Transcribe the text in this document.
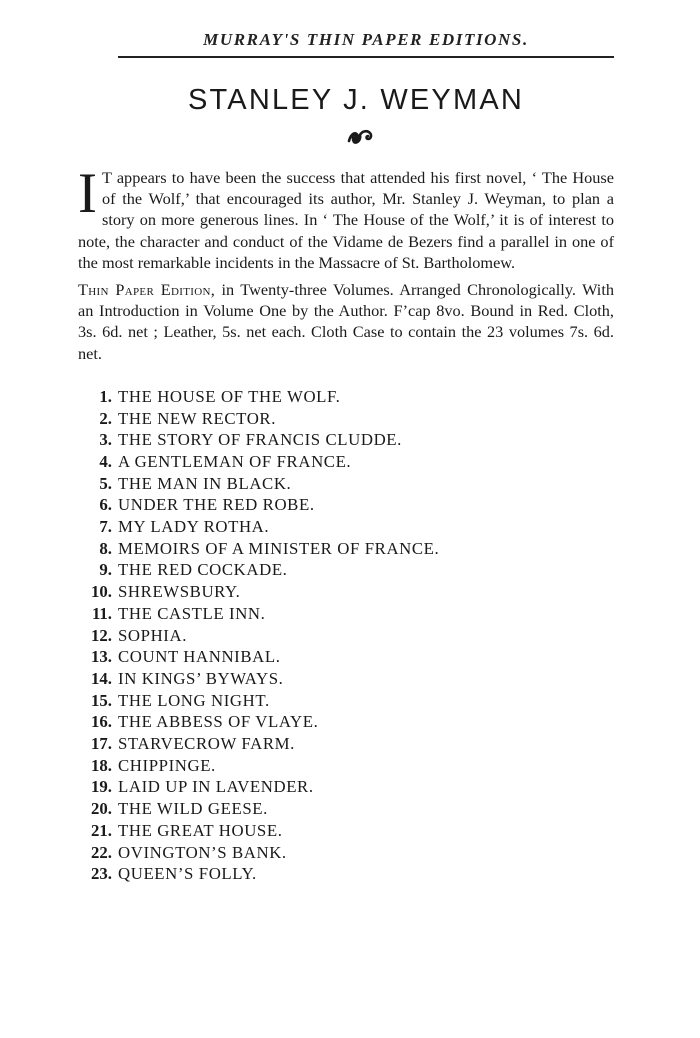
MURRAY'S THIN PAPER EDITIONS.
STANLEY J. WEYMAN
I T appears to have been the success that attended his first novel, ‘ The House of the Wolf,’ that encouraged its author, Mr. Stanley J. Weyman, to plan a story on more generous lines. In ‘ The House of the Wolf,’ it is of interest to note, the character and conduct of the Vidame de Bezers find a parallel in one of the most remarkable incidents in the Massacre of St. Bartholomew.
Thin Paper Edition, in Twenty-three Volumes. Arranged Chronologically. With an Introduction in Volume One by the Author. F’cap 8vo. Bound in Red. Cloth, 3s. 6d. net ; Leather, 5s. net each. Cloth Case to contain the 23 volumes 7s. 6d. net.
1. THE HOUSE OF THE WOLF.
2. THE NEW RECTOR.
3. THE STORY OF FRANCIS CLUDDE.
4. A GENTLEMAN OF FRANCE.
5. THE MAN IN BLACK.
6. UNDER THE RED ROBE.
7. MY LADY ROTHA.
8. MEMOIRS OF A MINISTER OF FRANCE.
9. THE RED COCKADE.
10. SHREWSBURY.
11. THE CASTLE INN.
12. SOPHIA.
13. COUNT HANNIBAL.
14. IN KINGS’ BYWAYS.
15. THE LONG NIGHT.
16. THE ABBESS OF VLAYE.
17. STARVECROW FARM.
18. CHIPPINGE.
19. LAID UP IN LAVENDER.
20. THE WILD GEESE.
21. THE GREAT HOUSE.
22. OVINGTON’S BANK.
23. QUEEN’S FOLLY.
